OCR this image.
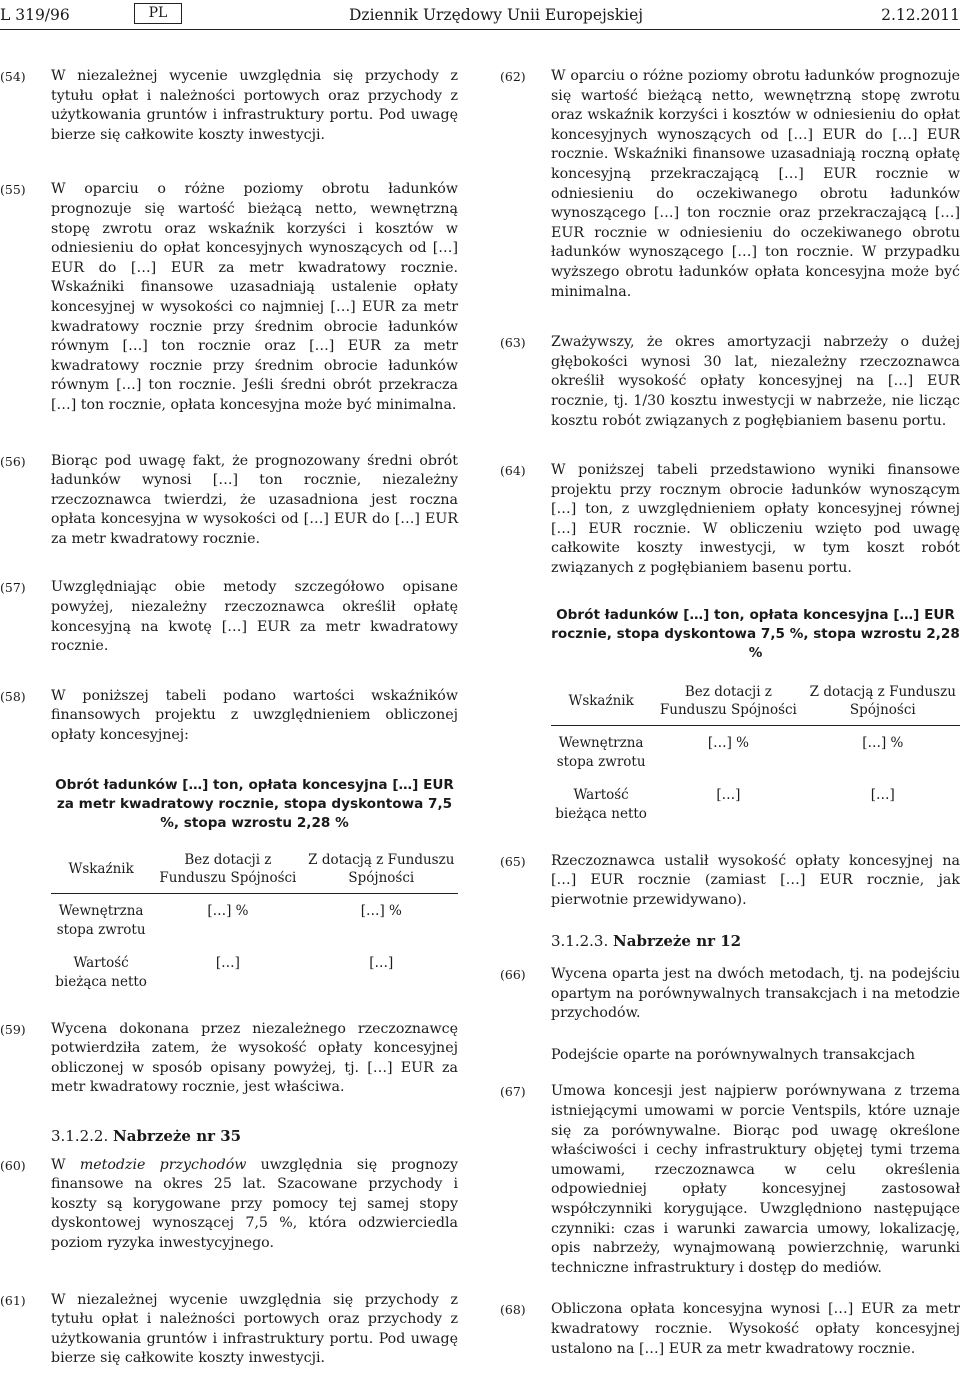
L 319/96	PL	Dziennik Urzędowy Unii Europejskiej	2.12.2011
(54) W niezależnej wycenie uwzględnia się przychody z tytułu opłat i należności portowych oraz przychody z użytkowania gruntów i infrastruktury portu. Pod uwagę bierze się całkowite koszty inwestycji.
(55) W oparciu o różne poziomy obrotu ładunków prognozuje się wartość bieżącą netto, wewnętrzną stopę zwrotu oraz wskaźnik korzyści i kosztów w odniesieniu do opłat koncesyjnych wynoszących od […] EUR do […] EUR za metr kwadratowy rocznie. Wskaźniki finansowe uzasadniają ustalenie opłaty koncesyjnej w wysokości co najmniej […] EUR za metr kwadratowy rocznie przy średnim obrocie ładunków równym […] ton rocznie oraz […] EUR za metr kwadratowy rocznie przy średnim obrocie ładunków równym […] ton rocznie. Jeśli średni obrót przekracza […] ton rocznie, opłata koncesyjna może być minimalna.
(56) Biorąc pod uwagę fakt, że prognozowany średni obrót ładunków wynosi […] ton rocznie, niezależny rzeczoznawca twierdzi, że uzasadniona jest roczna opłata koncesyjna w wysokości od […] EUR do […] EUR za metr kwadratowy rocznie.
(57) Uwzględniając obie metody szczegółowo opisane powyżej, niezależny rzeczoznawca określił opłatę koncesyjną na kwotę […] EUR za metr kwadratowy rocznie.
(58) W poniższej tabeli podano wartości wskaźników finansowych projektu z uwzględnieniem obliczonej opłaty koncesyjnej:
Obrót ładunków […] ton, opłata koncesyjna […] EUR za metr kwadratowy rocznie, stopa dyskontowa 7,5 %, stopa wzrostu 2,28 %
Wskaźnik	Bez dotacji z Funduszu Spójności	Z dotacją z Funduszu Spójności
Wewnętrzna stopa zwrotu	[…] %	[…] %
Wartość bieżąca netto	[…]	[…]
(59) Wycena dokonana przez niezależnego rzeczoznawcę potwierdziła zatem, że wysokość opłaty koncesyjnej obliczonej w sposób opisany powyżej, tj. […] EUR za metr kwadratowy rocznie, jest właściwa.
3.1.2.2. Nabrzeże nr 35
(60) W metodzie przychodów uwzględnia się prognozy finansowe na okres 25 lat. Szacowane przychody i koszty są korygowane przy pomocy tej samej stopy dyskontowej wynoszącej 7,5 %, która odzwierciedla poziom ryzyka inwestycyjnego.
(61) W niezależnej wycenie uwzględnia się przychody z tytułu opłat i należności portowych oraz przychody z użytkowania gruntów i infrastruktury portu. Pod uwagę bierze się całkowite koszty inwestycji.
(62) W oparciu o różne poziomy obrotu ładunków prognozuje się wartość bieżącą netto, wewnętrzną stopę zwrotu oraz wskaźnik korzyści i kosztów w odniesieniu do opłat koncesyjnych wynoszących od […] EUR do […] EUR rocznie. Wskaźniki finansowe uzasadniają roczną opłatę koncesyjną przekraczającą […] EUR rocznie w odniesieniu do oczekiwanego obrotu ładunków wynoszącego […] ton rocznie oraz przekraczającą […] EUR rocznie w odniesieniu do oczekiwanego obrotu ładunków wynoszącego […] ton rocznie. W przypadku wyższego obrotu ładunków opłata koncesyjna może być minimalna.
(63) Zważywszy, że okres amortyzacji nabrzeży o dużej głębokości wynosi 30 lat, niezależny rzeczoznawca określił wysokość opłaty koncesyjnej na […] EUR rocznie, tj. 1/30 kosztu inwestycji w nabrzeże, nie licząc kosztu robót związanych z pogłębianiem basenu portu.
(64) W poniższej tabeli przedstawiono wyniki finansowe projektu przy rocznym obrocie ładunków wynoszącym […] ton, z uwzględnieniem opłaty koncesyjnej równej […] EUR rocznie. W obliczeniu wzięto pod uwagę całkowite koszty inwestycji, w tym koszt robót związanych z pogłębianiem basenu portu.
Obrót ładunków […] ton, opłata koncesyjna […] EUR rocznie, stopa dyskontowa 7,5 %, stopa wzrostu 2,28 %
Wskaźnik	Bez dotacji z Funduszu Spójności	Z dotacją z Funduszu Spójności
Wewnętrzna stopa zwrotu	[…] %	[…] %
Wartość bieżąca netto	[…]	[…]
(65) Rzeczoznawca ustalił wysokość opłaty koncesyjnej na […] EUR rocznie (zamiast […] EUR rocznie, jak pierwotnie przewidywano).
3.1.2.3. Nabrzeże nr 12
(66) Wycena oparta jest na dwóch metodach, tj. na podejściu opartym na porównywalnych transakcjach i na metodzie przychodów.
Podejście oparte na porównywalnych transakcjach
(67) Umowa koncesji jest najpierw porównywana z trzema istniejącymi umowami w porcie Ventspils, które uznaje się za porównywalne. Biorąc pod uwagę określone właściwości i cechy infrastruktury objętej tymi trzema umowami, rzeczoznawca w celu określenia odpowiedniej opłaty koncesyjnej zastosował współczynniki korygujące. Uwzględniono następujące czynniki: czas i warunki zawarcia umowy, lokalizację, opis nabrzeży, wynajmowaną powierzchnię, warunki techniczne infrastruktury i dostęp do mediów.
(68) Obliczona opłata koncesyjna wynosi […] EUR za metr kwadratowy rocznie. Wysokość opłaty koncesyjnej ustalono na […] EUR za metr kwadratowy rocznie.
